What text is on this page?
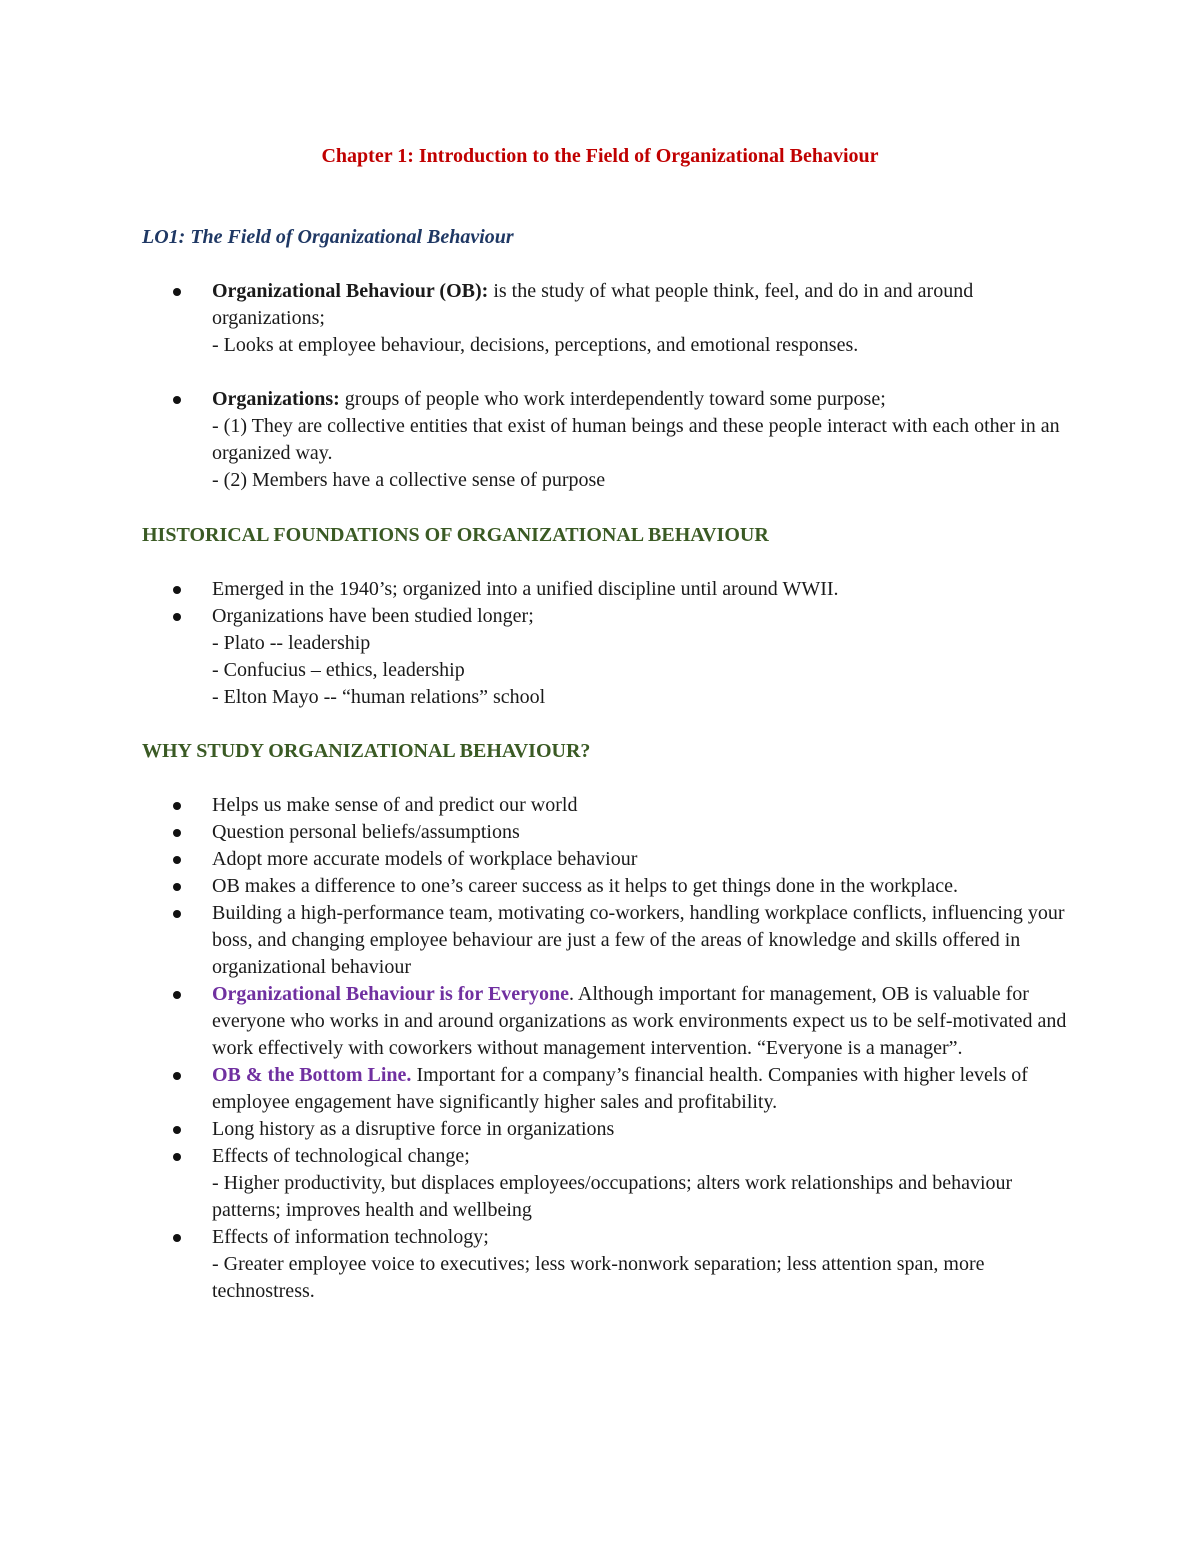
Chapter 1: Introduction to the Field of Organizational Behaviour
LO1: The Field of Organizational Behaviour
Organizational Behaviour (OB): is the study of what people think, feel, and do in and around organizations;
- Looks at employee behaviour, decisions, perceptions, and emotional responses.
Organizations: groups of people who work interdependently toward some purpose;
- (1) They are collective entities that exist of human beings and these people interact with each other in an organized way.
- (2) Members have a collective sense of purpose
HISTORICAL FOUNDATIONS OF ORGANIZATIONAL BEHAVIOUR
Emerged in the 1940’s; organized into a unified discipline until around WWII.
Organizations have been studied longer;
- Plato -- leadership
- Confucius – ethics, leadership
- Elton Mayo -- “human relations” school
WHY STUDY ORGANIZATIONAL BEHAVIOUR?
Helps us make sense of and predict our world
Question personal beliefs/assumptions
Adopt more accurate models of workplace behaviour
OB makes a difference to one’s career success as it helps to get things done in the workplace.
Building a high-performance team, motivating co-workers, handling workplace conflicts, influencing your boss, and changing employee behaviour are just a few of the areas of knowledge and skills offered in organizational behaviour
Organizational Behaviour is for Everyone. Although important for management, OB is valuable for everyone who works in and around organizations as work environments expect us to be self-motivated and work effectively with coworkers without management intervention. “Everyone is a manager”.
OB & the Bottom Line. Important for a company’s financial health. Companies with higher levels of employee engagement have significantly higher sales and profitability.
Long history as a disruptive force in organizations
Effects of technological change;
- Higher productivity, but displaces employees/occupations; alters work relationships and behaviour patterns; improves health and wellbeing
Effects of information technology;
- Greater employee voice to executives; less work-nonwork separation; less attention span, more technostress.
